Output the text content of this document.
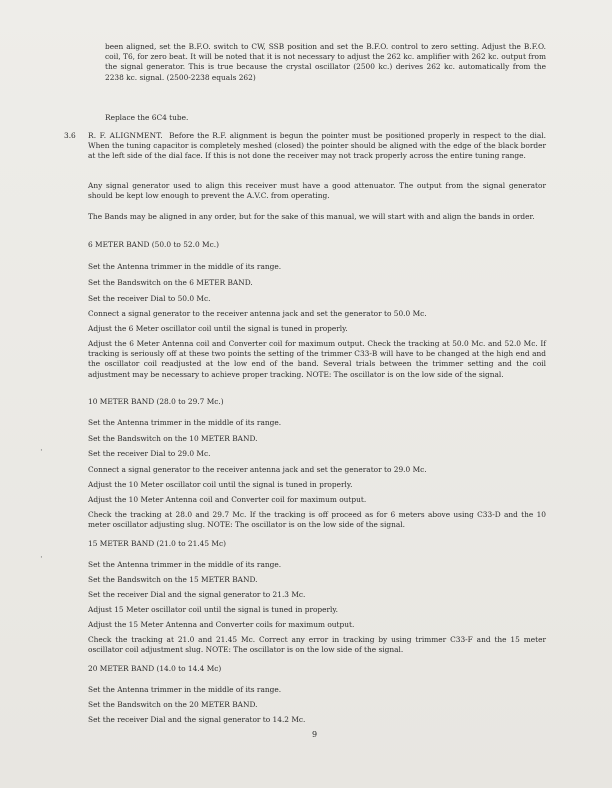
been aligned, set the B.F.O. switch to CW, SSB position and set the B.F.O. control to zero setting. Adjust the B.F.O. coil, T6, for zero beat. It will be noted that it is not necessary to adjust the 262 kc. amplifier with 262 kc. output from the signal generator. This is true because the crystal oscillator (2500 kc.) derives 262 kc. automatically from the 2238 kc. signal. (2500-2238 equals 262)

Replace the 6C4 tube.

3.6 R. F. ALIGNMENT. Before the R.F. alignment is begun the pointer must be positioned properly in respect to the dial. When the tuning capacitor is completely meshed (closed) the pointer should be aligned with the edge of the black border at the left side of the dial face. If this is not done the receiver may not track properly across the entire tuning range.

Any signal generator used to align this receiver must have a good attenuator. The output from the signal generator should be kept low enough to prevent the A.V.C. from operating.

The Bands may be aligned in any order, but for the sake of this manual, we will start with and align the bands in order.

6 METER BAND (50.0 to 52.0 Mc.)

Set the Antenna trimmer in the middle of its range.

Set the Bandswitch on the 6 METER BAND.

Set the receiver Dial to 50.0 Mc.

Connect a signal generator to the receiver antenna jack and set the generator to 50.0 Mc.

Adjust the 6 Meter oscillator coil until the signal is tuned in properly.

Adjust the 6 Meter Antenna coil and Converter coil for maximum output. Check the tracking at 50.0 Mc. and 52.0 Mc. If tracking is seriously off at these two points the setting of the trimmer C33-B will have to be changed at the high end and the oscillator coil readjusted at the low end of the band. Several trials between the trimmer setting and the coil adjustment may be necessary to achieve proper tracking. NOTE: The oscillator is on the low side of the signal.

10 METER BAND (28.0 to 29.7 Mc.)

Set the Antenna trimmer in the middle of its range.

Set the Bandswitch on the 10 METER BAND.

Set the receiver Dial to 29.0 Mc.

Connect a signal generator to the receiver antenna jack and set the generator to 29.0 Mc.

Adjust the 10 Meter oscillator coil until the signal is tuned in properly.

Adjust the 10 Meter Antenna coil and Converter coil for maximum output.

Check the tracking at 28.0 and 29.7 Mc. If the tracking is off proceed as for 6 meters above using C33-D and the 10 meter oscillator adjusting slug. NOTE: The oscillator is on the low side of the signal.

15 METER BAND (21.0 to 21.45 Mc)

Set the Antenna trimmer in the middle of its range.

Set the Bandswitch on the 15 METER BAND.

Set the receiver Dial and the signal generator to 21.3 Mc.

Adjust 15 Meter oscillator coil until the signal is tuned in properly.

Adjust the 15 Meter Antenna and Converter coils for maximum output.

Check the tracking at 21.0 and 21.45 Mc. Correct any error in tracking by using trimmer C33-F and the 15 meter oscillator coil adjustment slug. NOTE: The oscillator is on the low side of the signal.

20 METER BAND (14.0 to 14.4 Mc)

Set the Antenna trimmer in the middle of its range.

Set the Bandswitch on the 20 METER BAND.

Set the receiver Dial and the signal generator to 14.2 Mc.

9
·
·
